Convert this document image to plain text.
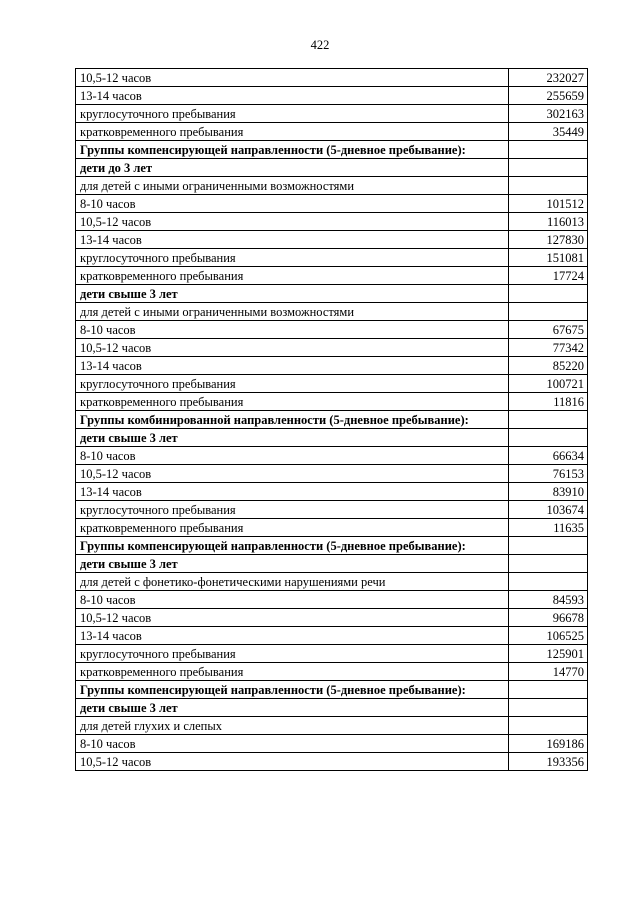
422
10,5-12 часов	232027
13-14 часов	255659
круглосуточного пребывания	302163
кратковременного пребывания	35449
Группы компенсирующей направленности (5-дневное пребывание):	
дети до 3 лет	
для детей с иными ограниченными возможностями	
8-10 часов	101512
10,5-12 часов	116013
13-14 часов	127830
круглосуточного пребывания	151081
кратковременного пребывания	17724
дети свыше 3 лет	
для детей с иными ограниченными возможностями	
8-10 часов	67675
10,5-12 часов	77342
13-14 часов	85220
круглосуточного пребывания	100721
кратковременного пребывания	11816
Группы комбинированной направленности (5-дневное пребывание):	
дети свыше 3 лет	
8-10 часов	66634
10,5-12 часов	76153
13-14 часов	83910
круглосуточного пребывания	103674
кратковременного пребывания	11635
Группы компенсирующей направленности (5-дневное пребывание):	
дети свыше 3 лет	
для детей с фонетико-фонетическими нарушениями речи	
8-10 часов	84593
10,5-12 часов	96678
13-14 часов	106525
круглосуточного пребывания	125901
кратковременного пребывания	14770
Группы компенсирующей направленности (5-дневное пребывание):	
дети свыше 3 лет	
для детей глухих и слепых	
8-10 часов	169186
10,5-12 часов	193356
